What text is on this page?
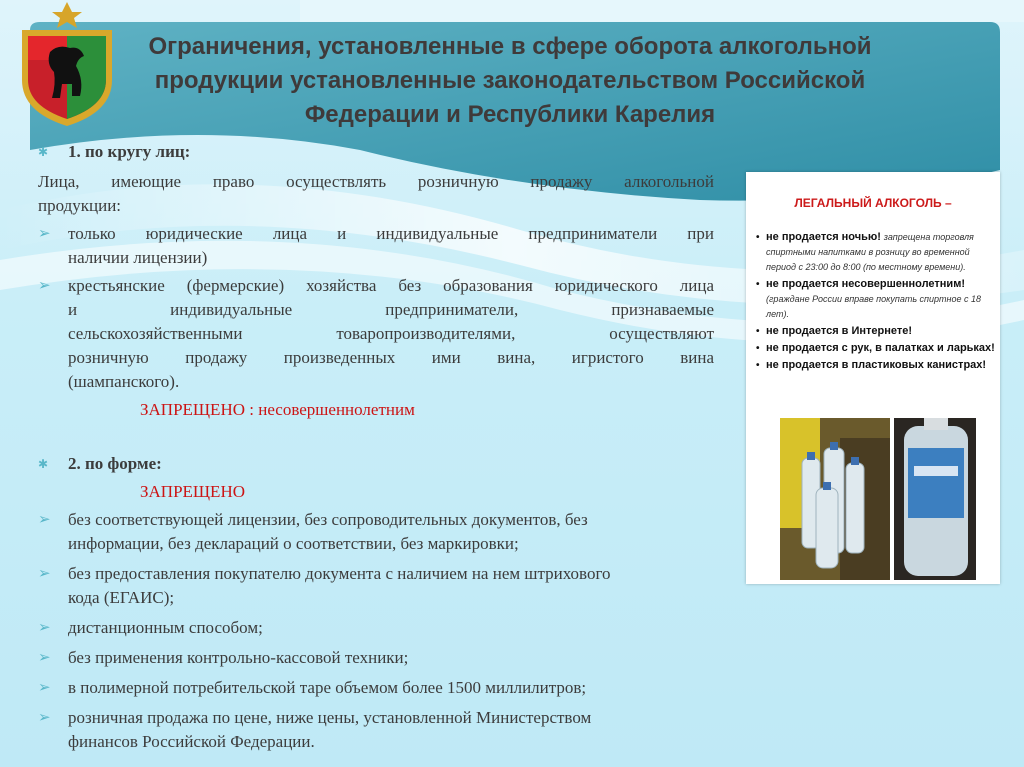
Ограничения, установленные в сфере оборота алкогольной продукции установленные законодательством Российской Федерации и Республики Карелия
✱ 1. по кругу лиц:
Лица, имеющие право осуществлять розничную продажу алкогольной
продукции:
➢ только юридические лица и индивидуальные предприниматели при
наличии лицензии)
➢ крестьянские (фермерские) хозяйства без образования юридического лица
и индивидуальные предприниматели, признаваемые
сельскохозяйственными товаропроизводителями, осуществляют
розничную продажу произведенных ими вина, игристого вина
(шампанского).
ЗАПРЕЩЕНО : несовершеннолетним
✱ 2. по форме:
ЗАПРЕЩЕНО
➢ без соответствующей лицензии, без сопроводительных документов, без
информации, без деклараций о соответствии, без маркировки;
➢ без предоставления покупателю документа с наличием на нем штрихового
кода (ЕГАИС);
➢ дистанционным способом;
➢ без применения контрольно-кассовой техники;
➢ в полимерной потребительской таре объемом более 1500 миллилитров;
➢ розничная продажа по цене, ниже цены, установленной Министерством
финансов Российской Федерации.
ЛЕГАЛЬНЫЙ АЛКОГОЛЬ –
• не продается ночью! запрещена торговля спиртными напитками в розницу во временной период с 23:00 до 8:00 (по местному времени).
• не продается несовершеннолетним! (граждане России вправе покупать спиртное с 18 лет).
• не продается в Интернете!
• не продается с рук, в палатках и ларьках!
• не продается в пластиковых канистрах!
